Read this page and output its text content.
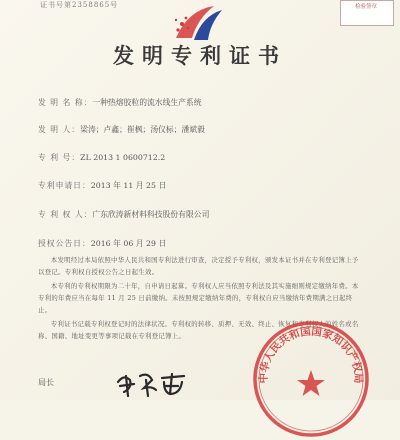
证书号第2358865号	检验签章
发明专利证书
发 明 名 称：一种热熔胶粒的流水线生产系统
发 明 人：梁涛；卢鑫；崔枫；汤仪标；潘斌毅
专 利 号：ZL 2013 1 0600712.2
专利申请日：2013 年 11 月 25 日
专 利 权 人：广东欣涛新材料科技股份有限公司
授权公告日：2016 年 06 月 29 日
本发明经过本局依照中华人民共和国专利法进行审查，决定授予专利权，颁发本证书并在专利登记簿上予以登记。专利权自授权公告之日起生效。
本专利的专利权期限为二十年，自申请日起算。专利权人应当依照专利法及其实施细则规定缴纳年费。本专利的年费应当在每年 11 月 25 日前缴纳。未按照规定缴纳年费的，专利权自应当缴纳年费期满之日起终止。
专利证书记载专利权登记时的法律状况。专利权的转移、质押、无效、终止、恢复和专利权人的姓名或名称、国籍、地址变更等事项记载在专利登记簿上。
局长	中华人民共和国国家知识产权局
